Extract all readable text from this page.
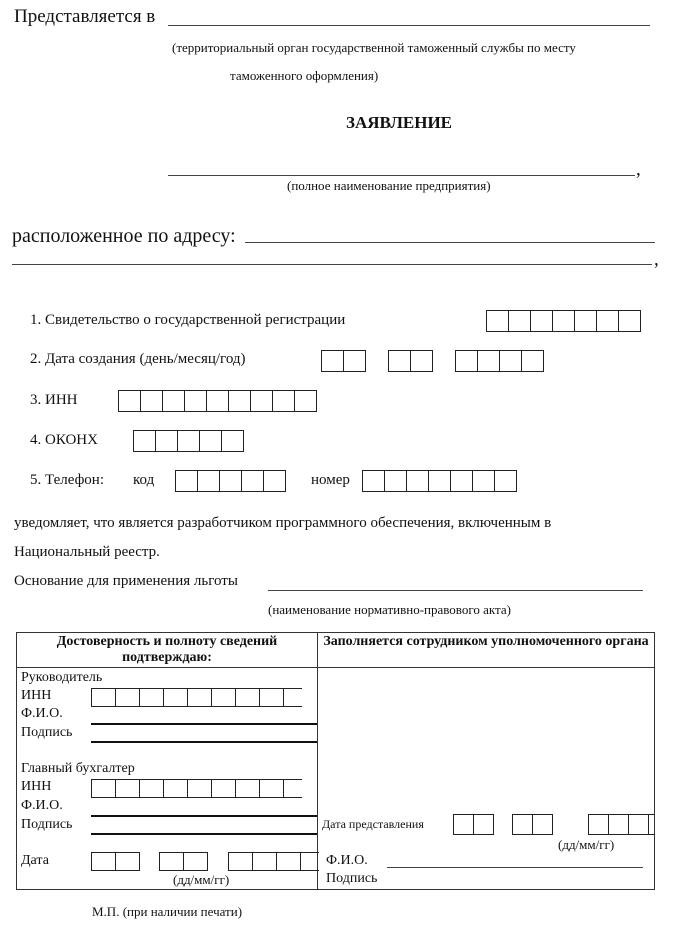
Представляется в
(территориальный орган государственной таможенный службы по месту
таможенного оформления)
ЗАЯВЛЕНИЕ
,
(полное наименование предприятия)
расположенное по адресу:
,
1. Свидетельство о государственной регистрации
2. Дата создания (день/месяц/год)
3. ИНН
4. ОКОНХ
5. Телефон: код	номер
уведомляет, что является разработчиком программного обеспечения, включенным в
Национальный реестр.
Основание для применения льготы
(наименование нормативно-правового акта)
Достоверность и полноту сведений подтверждаю:
Заполняется сотрудником уполномоченного органа
Руководитель
ИНН
Ф.И.О.
Подпись
Главный бухгалтер
ИНН
Ф.И.О.
Подпись
Дата
(дд/мм/гг)
Дата представления
(дд/мм/гг)
Ф.И.О.
Подпись
М.П. (при наличии печати)
